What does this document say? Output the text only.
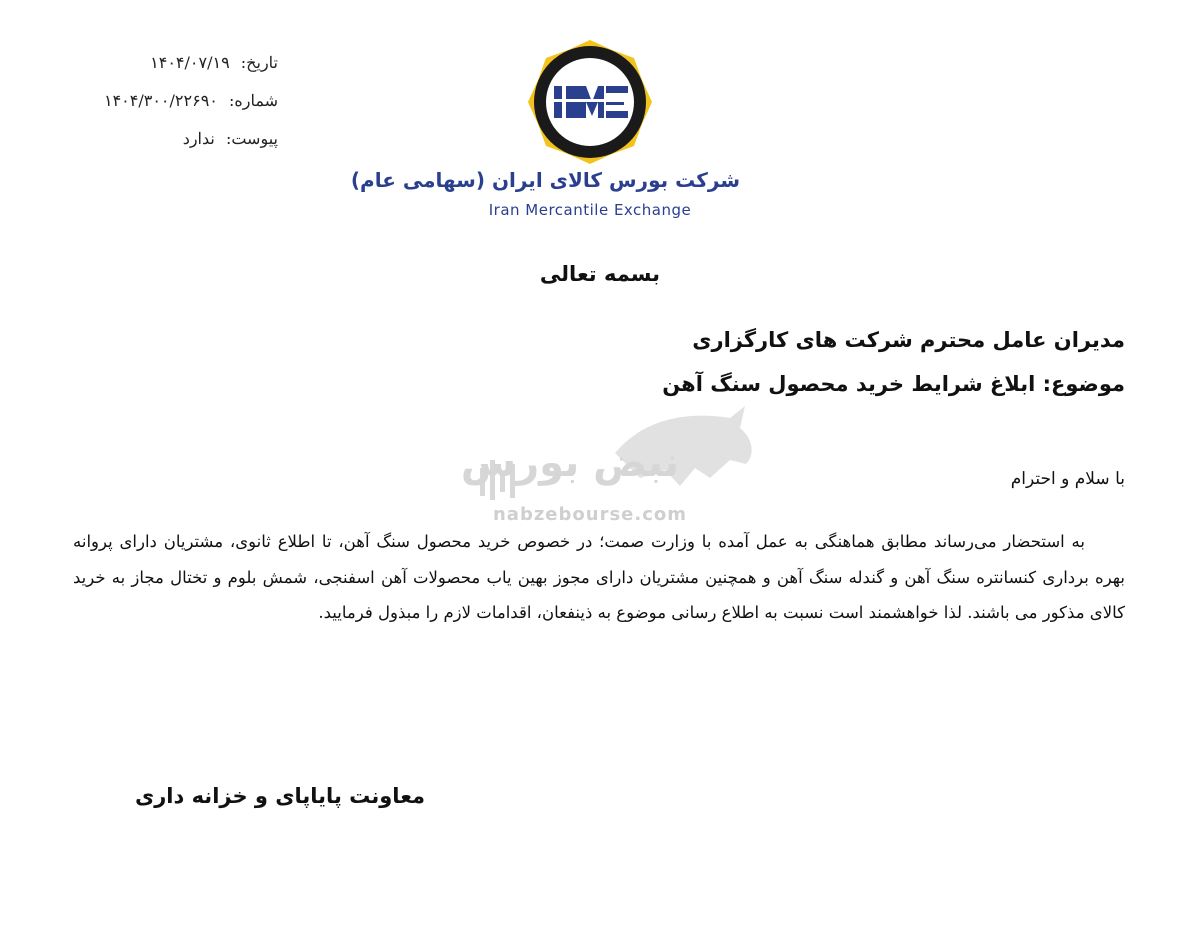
تاریخ: ۱۴۰۴/۰۷/۱۹
شماره: ۱۴۰۴/۳۰۰/۲۲۶۹۰
پیوست: ندارد
شرکت بورس کالای ایران (سهامی عام)
Iran Mercantile Exchange
بسمه تعالی
مدیران عامل محترم شرکت های کارگزاری
موضوع: ابلاغ شرایط خرید محصول سنگ آهن
نبض بورس
nabzebourse.com
با سلام و احترام
به استحضار می‌رساند مطابق هماهنگی به عمل آمده با وزارت صمت؛ در خصوص خرید محصول سنگ آهن، تا اطلاع ثانوی، مشتریان دارای پروانه بهره برداری کنسانتره سنگ آهن و گندله سنگ آهن و همچنین مشتریان دارای مجوز بهین یاب محصولات آهن اسفنجی، شمش بلوم و تختال مجاز به خرید کالای مذکور می باشند. لذا خواهشمند است نسبت به اطلاع رسانی موضوع به ذینفعان، اقدامات لازم را مبذول فرمایید.
معاونت پایاپای و خزانه داری
